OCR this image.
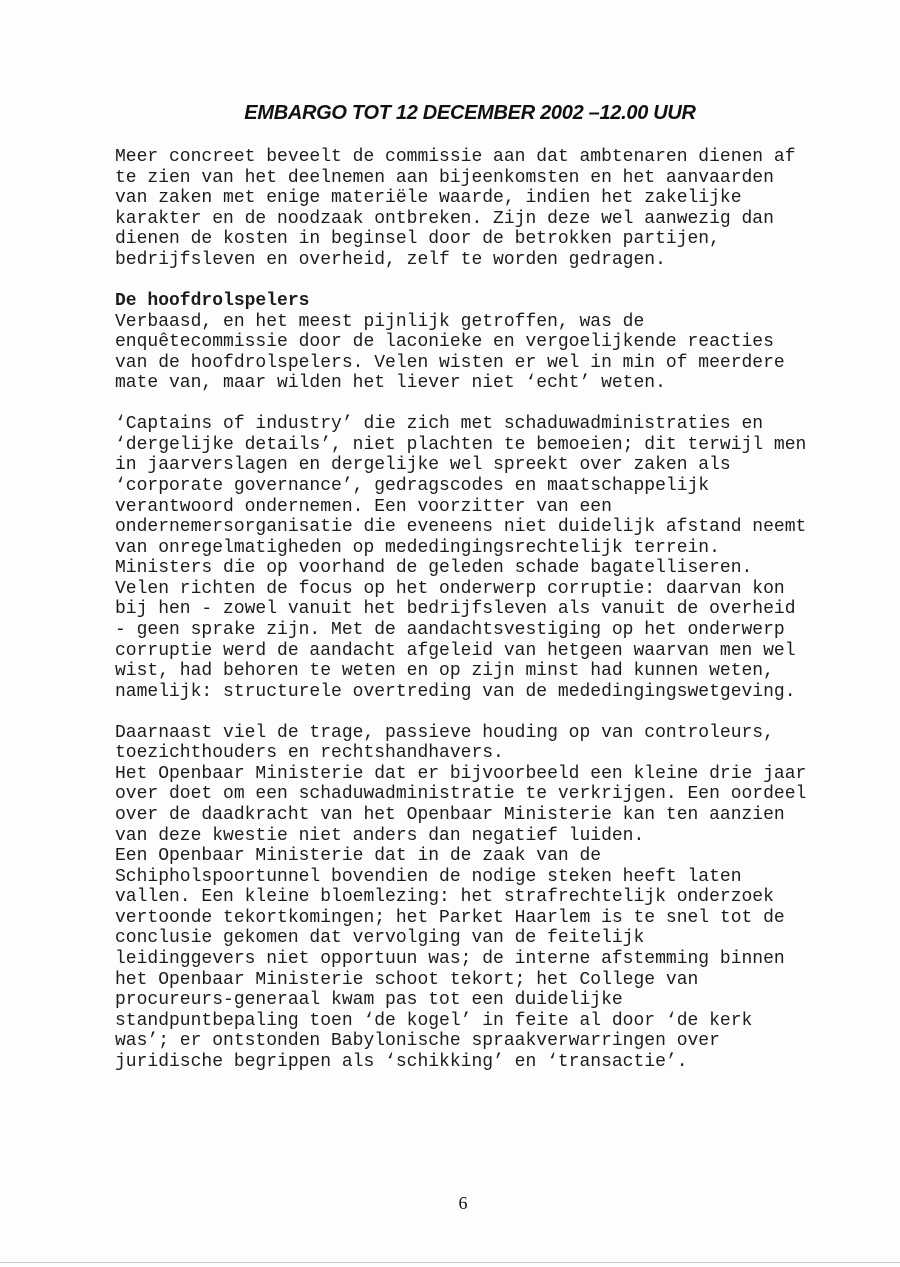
EMBARGO TOT 12 DECEMBER 2002 –12.00 UUR
Meer concreet beveelt de commissie aan dat ambtenaren dienen af
te zien van het deelnemen aan bijeenkomsten en het aanvaarden
van zaken met enige materiële waarde, indien het zakelijke
karakter en de noodzaak ontbreken. Zijn deze wel aanwezig dan
dienen de kosten in beginsel door de betrokken partijen,
bedrijfsleven en overheid, zelf te worden gedragen.
De hoofdrolspelers
Verbaasd, en het meest pijnlijk getroffen, was de
enquêtecommissie door de laconieke en vergoelijkende reacties
van de hoofdrolspelers. Velen wisten er wel in min of meerdere
mate van, maar wilden het liever niet ‘echt’ weten.
‘Captains of industry’ die zich met schaduwadministraties en
‘dergelijke details’, niet plachten te bemoeien; dit terwijl men
in jaarverslagen en dergelijke wel spreekt over zaken als
‘corporate governance’, gedragscodes en maatschappelijk
verantwoord ondernemen. Een voorzitter van een
ondernemersorganisatie die eveneens niet duidelijk afstand neemt
van onregelmatigheden op mededingingsrechtelijk terrein.
Ministers die op voorhand de geleden schade bagatelliseren.
Velen richten de focus op het onderwerp corruptie: daarvan kon
bij hen - zowel vanuit het bedrijfsleven als vanuit de overheid
- geen sprake zijn. Met de aandachtsvestiging op het onderwerp
corruptie werd de aandacht afgeleid van hetgeen waarvan men wel
wist, had behoren te weten en op zijn minst had kunnen weten,
namelijk: structurele overtreding van de mededingingswetgeving.
Daarnaast viel de trage, passieve houding op van controleurs,
toezichthouders en rechtshandhavers.
Het Openbaar Ministerie dat er bijvoorbeeld een kleine drie jaar
over doet om een schaduwadministratie te verkrijgen. Een oordeel
over de daadkracht van het Openbaar Ministerie kan ten aanzien
van deze kwestie niet anders dan negatief luiden.
Een Openbaar Ministerie dat in de zaak van de
Schipholspoortunnel bovendien de nodige steken heeft laten
vallen. Een kleine bloemlezing: het strafrechtelijk onderzoek
vertoonde tekortkomingen; het Parket Haarlem is te snel tot de
conclusie gekomen dat vervolging van de feitelijk
leidinggevers niet opportuun was; de interne afstemming binnen
het Openbaar Ministerie schoot tekort; het College van
procureurs-generaal kwam pas tot een duidelijke
standpuntbepaling toen ‘de kogel’ in feite al door ‘de kerk
was’; er ontstonden Babylonische spraakverwarringen over
juridische begrippen als ‘schikking’ en ‘transactie’.
6
